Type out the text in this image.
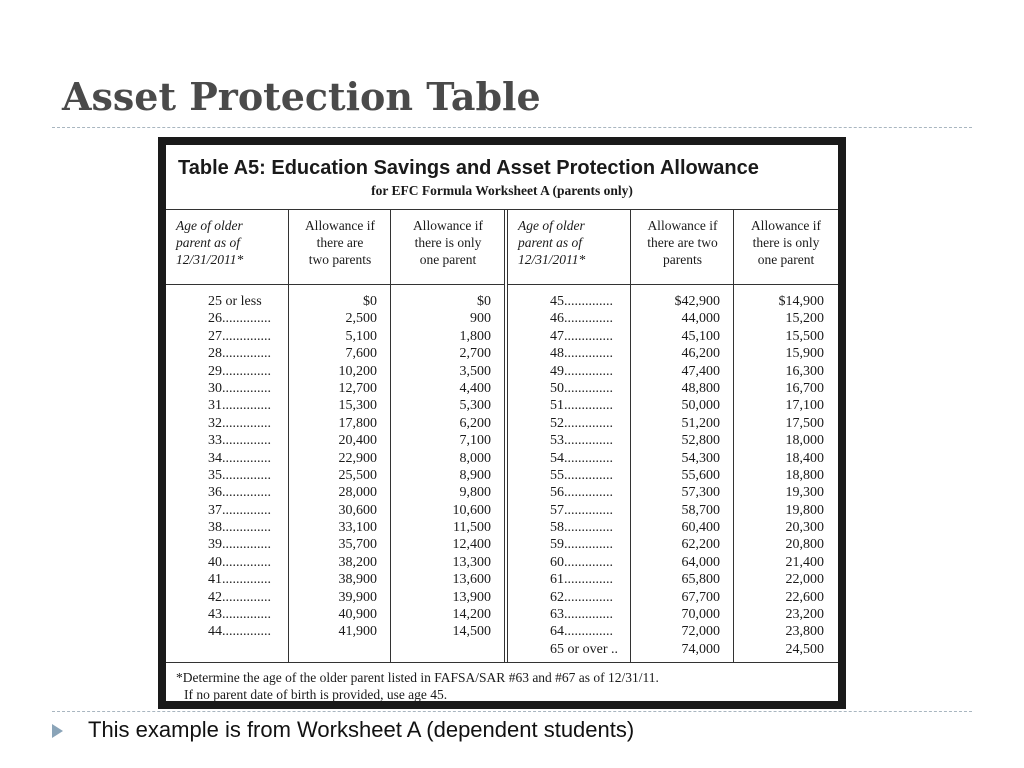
Asset Protection Table
Table A5: Education Savings and Asset Protection Allowance
for EFC Formula Worksheet A (parents only)
Age of older
parent as of
12/31/2011*
25 or less
26..............
27..............
28..............
29..............
30..............
31..............
32..............
33..............
34..............
35..............
36..............
37..............
38..............
39..............
40..............
41..............
42..............
43..............
44..............
Allowance if
there are
two parents
$0
2,500
5,100
7,600
10,200
12,700
15,300
17,800
20,400
22,900
25,500
28,000
30,600
33,100
35,700
38,200
38,900
39,900
40,900
41,900
Allowance if
there is only
one parent
$0
900
1,800
2,700
3,500
4,400
5,300
6,200
7,100
8,000
8,900
9,800
10,600
11,500
12,400
13,300
13,600
13,900
14,200
14,500
Age of older
parent as of
12/31/2011*
45..............
46..............
47..............
48..............
49..............
50..............
51..............
52..............
53..............
54..............
55..............
56..............
57..............
58..............
59..............
60..............
61..............
62..............
63..............
64..............
65 or over ..
Allowance if
there are two
parents
$42,900
44,000
45,100
46,200
47,400
48,800
50,000
51,200
52,800
54,300
55,600
57,300
58,700
60,400
62,200
64,000
65,800
67,700
70,000
72,000
74,000
Allowance if
there is only
one parent
$14,900
15,200
15,500
15,900
16,300
16,700
17,100
17,500
18,000
18,400
18,800
19,300
19,800
20,300
20,800
21,400
22,000
22,600
23,200
23,800
24,500
*Determine the age of the older parent listed in FAFSA/SAR #63 and #67 as of 12/31/11.
If no parent date of birth is provided, use age 45.
This example is from Worksheet A (dependent students)
